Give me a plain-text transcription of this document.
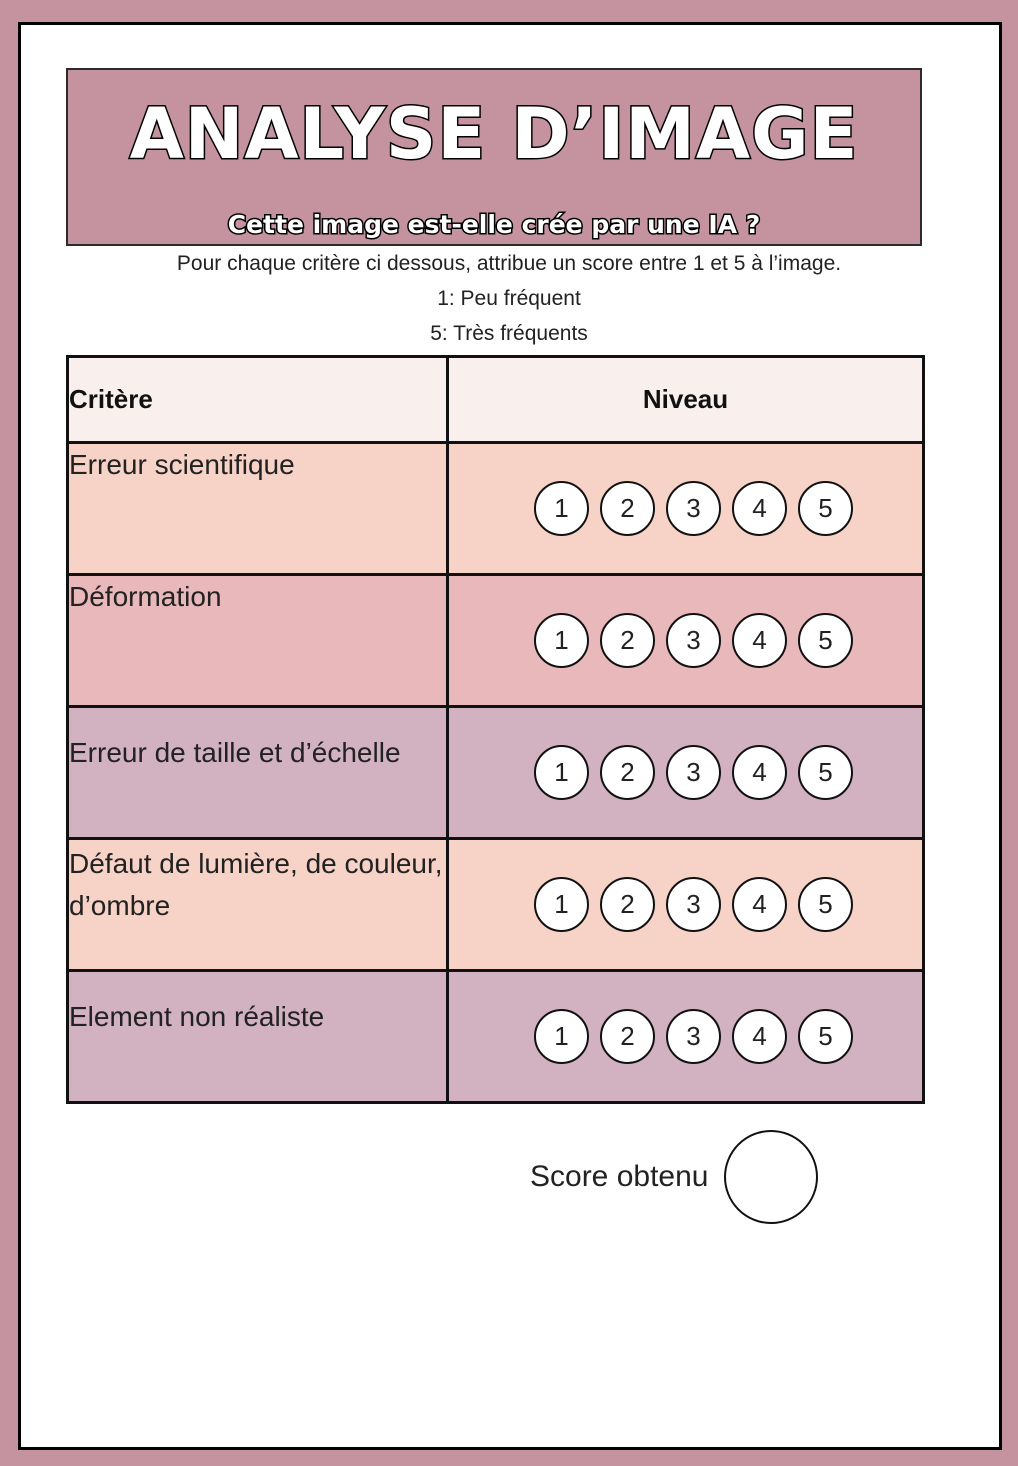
ANALYSE D’IMAGE
Cette image est-elle crée par une IA ?
Pour chaque critère ci dessous, attribue un score entre 1 et 5 à l’image.
1: Peu fréquent
5: Très fréquents
Critère	Niveau
Erreur scientifique	1 2 3 4 5

Déformation	1 2 3 4 5

Erreur de taille et d’échelle	1 2 3 4 5

Défaut de lumière, de couleur, d’ombre	1 2 3 4 5

Element non réaliste	1 2 3 4 5
Score obtenu
